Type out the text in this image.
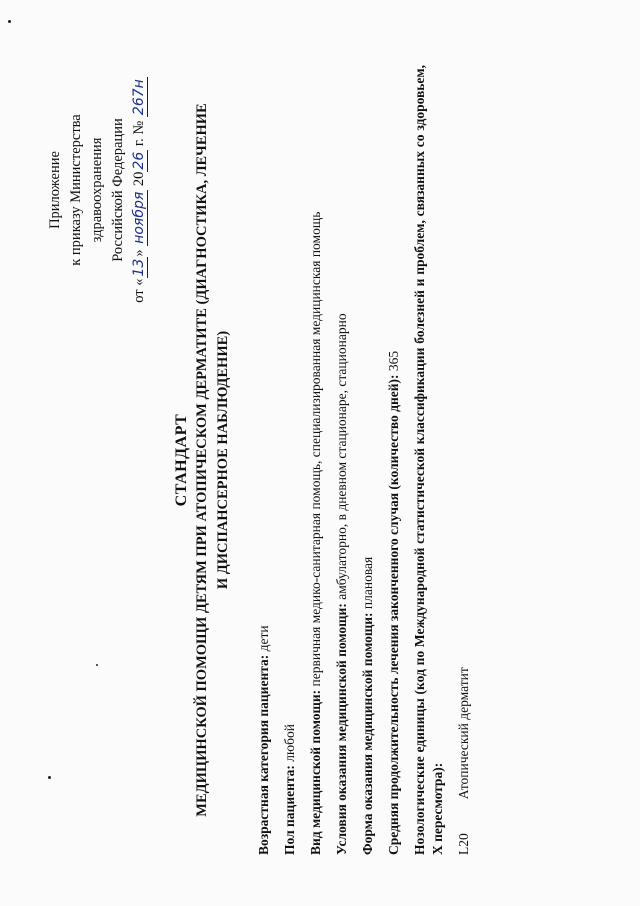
Приложение к приказу Министерства здравоохранения Российской Федерации
от «13» ноября 2026 г. № 267н
СТАНДАРТ МЕДИЦИНСКОЙ ПОМОЩИ ДЕТЯМ ПРИ АТОПИЧЕСКОМ ДЕРМАТИТЕ (ДИАГНОСТИКА, ЛЕЧЕНИЕ И ДИСПАНСЕРНОЕ НАБЛЮДЕНИЕ)
Возрастная категория пациента: дети
Пол пациента: любой Вид медицинской помощи: первичная медико-санитарная помощь, специализированная медицинская помощь
Условия оказания медицинской помощи: амбулаторно, в дневном стационаре, стационарно
Форма оказания медицинской помощи: плановая Средняя продолжительность лечения законченного случая (количество дней): 365 Нозологические единицы (код по Международной статистической классификации болезней и проблем, связанных со здоровьем, X пересмотра): L20
Атопический дерматит
